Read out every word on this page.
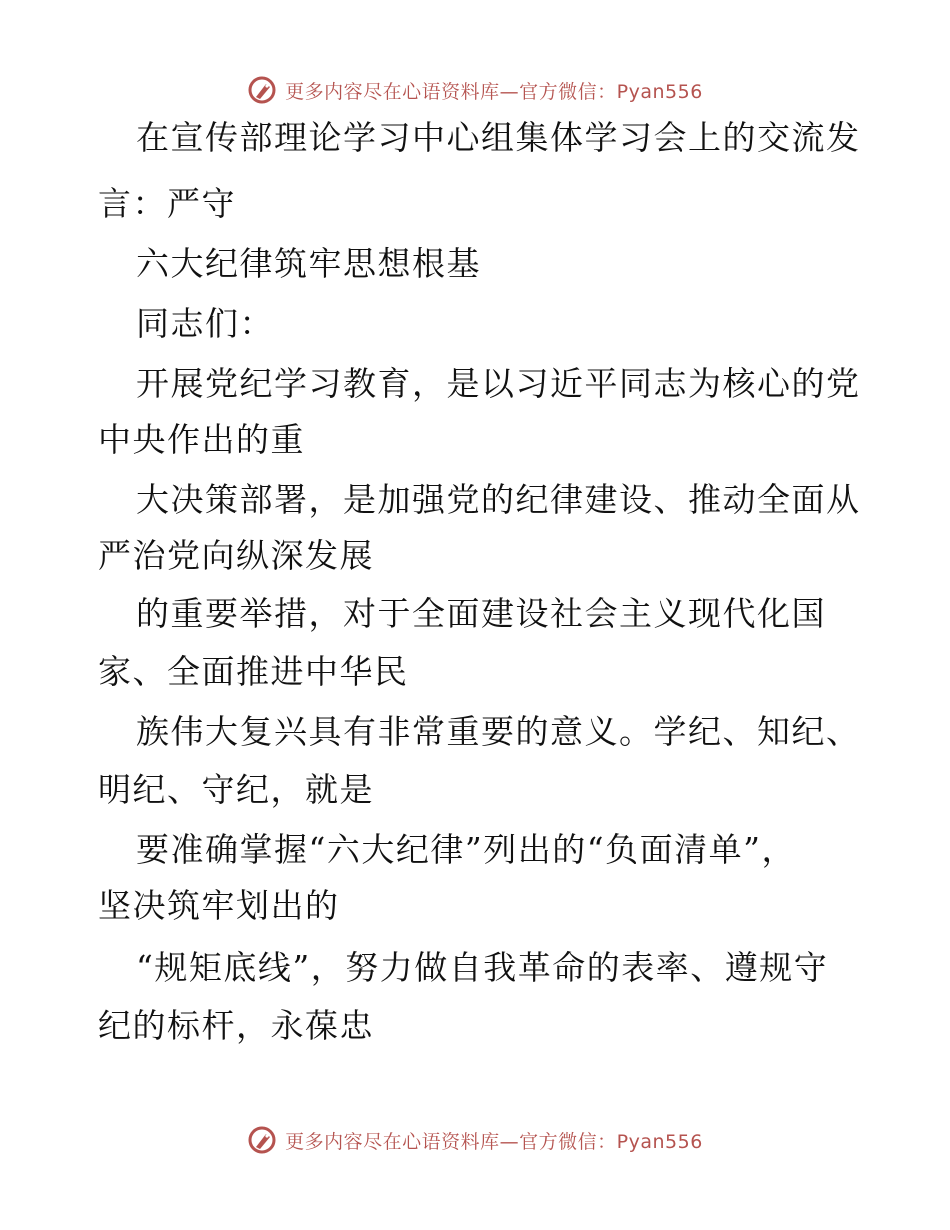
更多内容尽在心语资料库—官方微信：Pyan556
在宣传部理论学习中心组集体学习会上的交流发
言：严守
六大纪律筑牢思想根基
同志们：
开展党纪学习教育，是以习近平同志为核心的党
中央作出的重
大决策部署，是加强党的纪律建设、推动全面从
严治党向纵深发展
的重要举措，对于全面建设社会主义现代化国
家、全面推进中华民
族伟大复兴具有非常重要的意义。学纪、知纪、
明纪、守纪，就是
要准确掌握“六大纪律”列出的“负面清单”，
坚决筑牢划出的
“规矩底线”，努力做自我革命的表率、遵规守
纪的标杆，永葆忠
更多内容尽在心语资料库—官方微信：Pyan556
